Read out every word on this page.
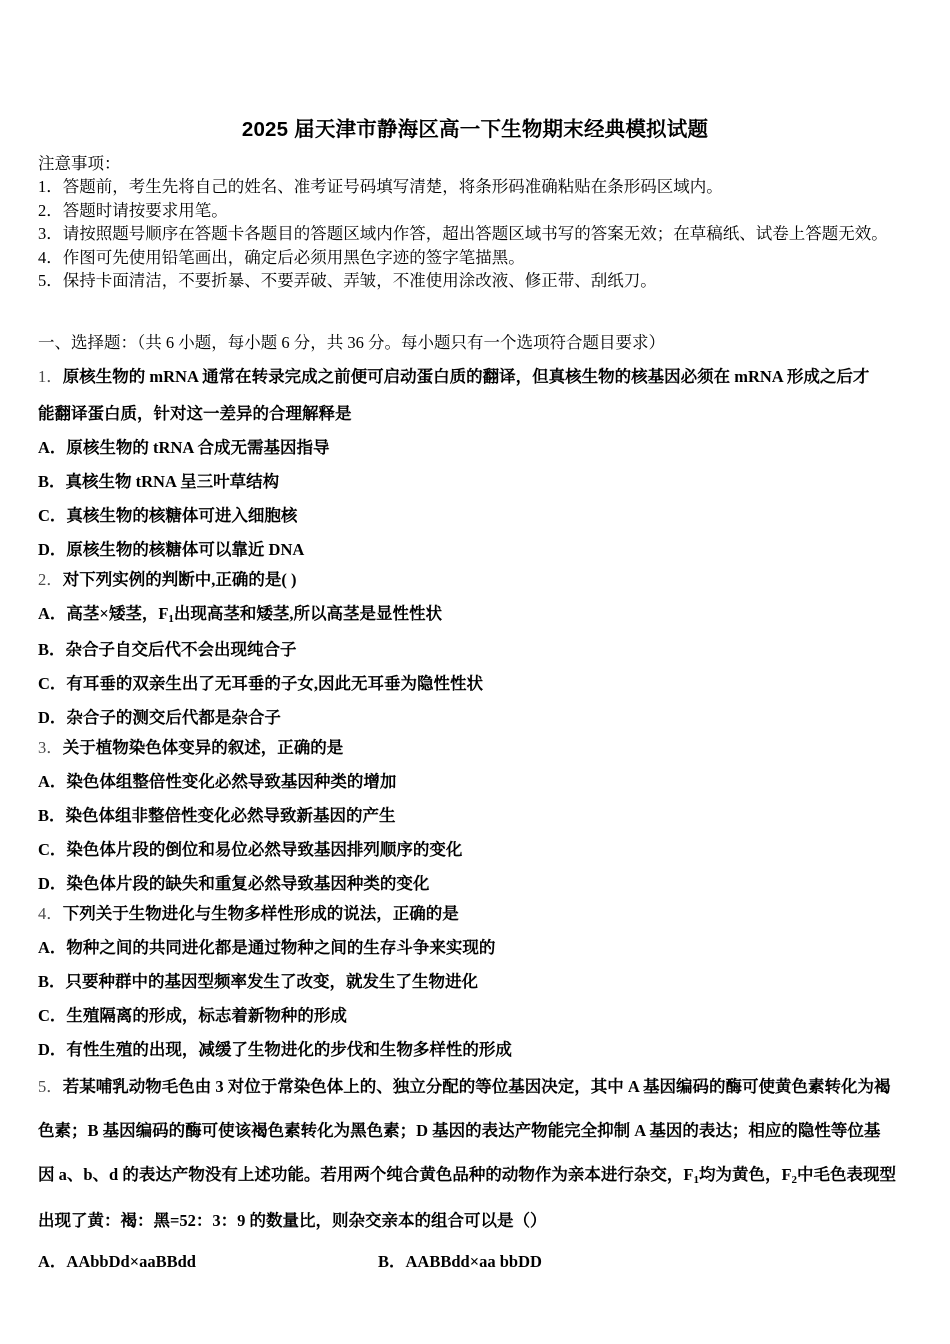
2025 届天津市静海区高一下生物期末经典模拟试题
注意事项：
1．答题前，考生先将自己的姓名、准考证号码填写清楚，将条形码准确粘贴在条形码区域内。
2．答题时请按要求用笔。
3．请按照题号顺序在答题卡各题目的答题区域内作答，超出答题区域书写的答案无效；在草稿纸、试卷上答题无效。
4．作图可先使用铅笔画出，确定后必须用黑色字迹的签字笔描黑。
5．保持卡面清洁，不要折暴、不要弄破、弄皱，不准使用涂改液、修正带、刮纸刀。
一、选择题：（共 6 小题，每小题 6 分，共 36 分。每小题只有一个选项符合题目要求）
1．原核生物的 mRNA 通常在转录完成之前便可启动蛋白质的翻译，但真核生物的核基因必须在 mRNA 形成之后才
能翻译蛋白质，针对这一差异的合理解释是
A．原核生物的 tRNA 合成无需基因指导
B．真核生物 tRNA 呈三叶草结构
C．真核生物的核糖体可进入细胞核
D．原核生物的核糖体可以靠近 DNA
2．对下列实例的判断中,正确的是( )
A．高茎×矮茎，$F_1$出现高茎和矮茎,所以高茎是显性性状
B．杂合子自交后代不会出现纯合子
C．有耳垂的双亲生出了无耳垂的子女,因此无耳垂为隐性性状
D．杂合子的测交后代都是杂合子
3．关于植物染色体变异的叙述，正确的是
A．染色体组整倍性变化必然导致基因种类的增加
B．染色体组非整倍性变化必然导致新基因的产生
C．染色体片段的倒位和易位必然导致基因排列顺序的变化
D．染色体片段的缺失和重复必然导致基因种类的变化
4．下列关于生物进化与生物多样性形成的说法，正确的是
A．物种之间的共同进化都是通过物种之间的生存斗争来实现的
B．只要种群中的基因型频率发生了改变，就发生了生物进化
C．生殖隔离的形成，标志着新物种的形成
D．有性生殖的出现，减缓了生物进化的步伐和生物多样性的形成
5．若某哺乳动物毛色由 3 对位于常染色体上的、独立分配的等位基因决定，其中 A 基因编码的酶可使黄色素转化为褐
色素；B 基因编码的酶可使该褐色素转化为黑色素；D 基因的表达产物能完全抑制 A 基因的表达；相应的隐性等位基
因 a、b、d 的表达产物没有上述功能。若用两个纯合黄色品种的动物作为亲本进行杂交，$F_1$均为黄色，$F_2$中毛色表现型
出现了黄：褐：黑=52：3：9 的数量比，则杂交亲本的组合可以是（）
A．AAbbDd×aaBBdd	B．AABBdd×aa bbDD
